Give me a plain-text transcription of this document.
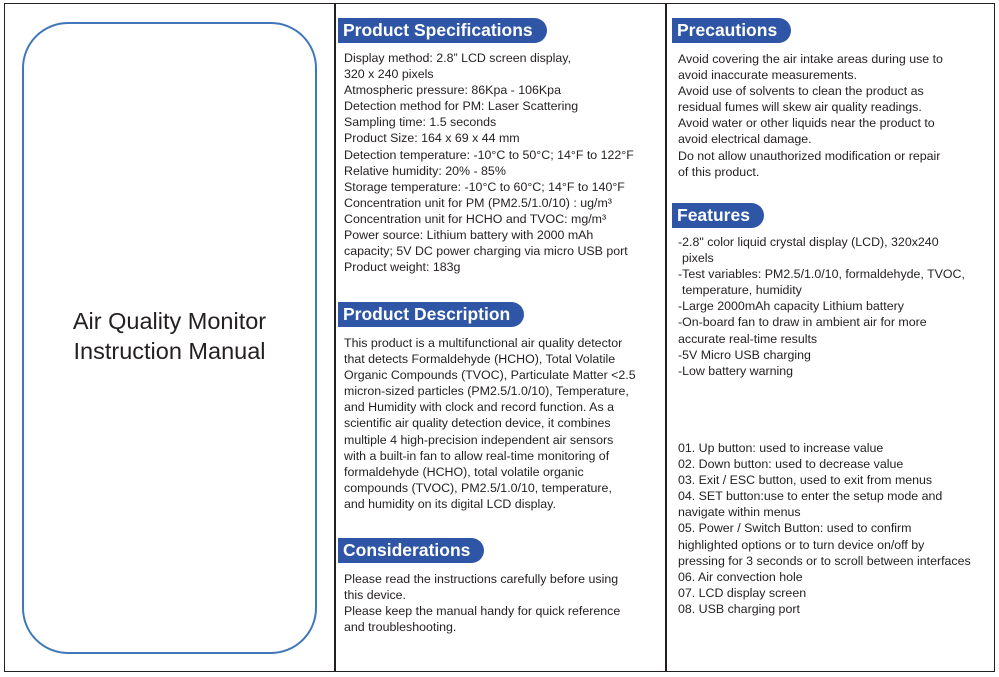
Air Quality Monitor
Instruction Manual
Product Specifications
Display method: 2.8” LCD screen display,
320 x 240 pixels
Atmospheric pressure: 86Kpa - 106Kpa
Detection method for PM: Laser Scattering
Sampling time: 1.5 seconds
Product Size: 164 x 69 x 44 mm
Detection temperature: -10°C to 50°C; 14°F to 122°F
Relative humidity: 20% - 85%
Storage temperature: -10°C to 60°C; 14°F to 140°F
Concentration unit for PM (PM2.5/1.0/10) : ug/m³
Concentration unit for HCHO and TVOC: mg/m³
Power source: Lithium battery with 2000 mAh
capacity; 5V DC power charging via micro USB port
Product weight: 183g
Product Description
This product is a multifunctional air quality detector
that detects Formaldehyde (HCHO), Total Volatile
Organic Compounds (TVOC), Particulate Matter <2.5
micron-sized particles (PM2.5/1.0/10), Temperature,
and Humidity with clock and record function. As a
scientific air quality detection device, it combines
multiple 4 high-precision independent air sensors
with a built-in fan to allow real-time monitoring of
formaldehyde (HCHO), total volatile organic
compounds (TVOC), PM2.5/1.0/10, temperature,
and humidity on its digital LCD display.
Considerations
Please read the instructions carefully before using
this device.
Please keep the manual handy for quick reference
and troubleshooting.
Precautions
Avoid covering the air intake areas during use to
avoid inaccurate measurements.
Avoid use of solvents to clean the product as
residual fumes will skew air quality readings.
Avoid water or other liquids near the product to
avoid electrical damage.
Do not allow unauthorized modification or repair
of this product.
Features
-2.8" color liquid crystal display (LCD), 320x240
pixels
-Test variables: PM2.5/1.0/10, formaldehyde, TVOC,
temperature, humidity
-Large 2000mAh capacity Lithium battery
-On-board fan to draw in ambient air for more
accurate real-time results
-5V Micro USB charging
-Low battery warning
01. Up button: used to increase value
02. Down button: used to decrease value
03. Exit / ESC button, used to exit from menus
04. SET button:use to enter the setup mode and
navigate within menus
05. Power / Switch Button: used to confirm
highlighted options or to turn device on/off by
pressing for 3 seconds or to scroll between interfaces
06. Air convection hole
07. LCD display screen
08. USB charging port
